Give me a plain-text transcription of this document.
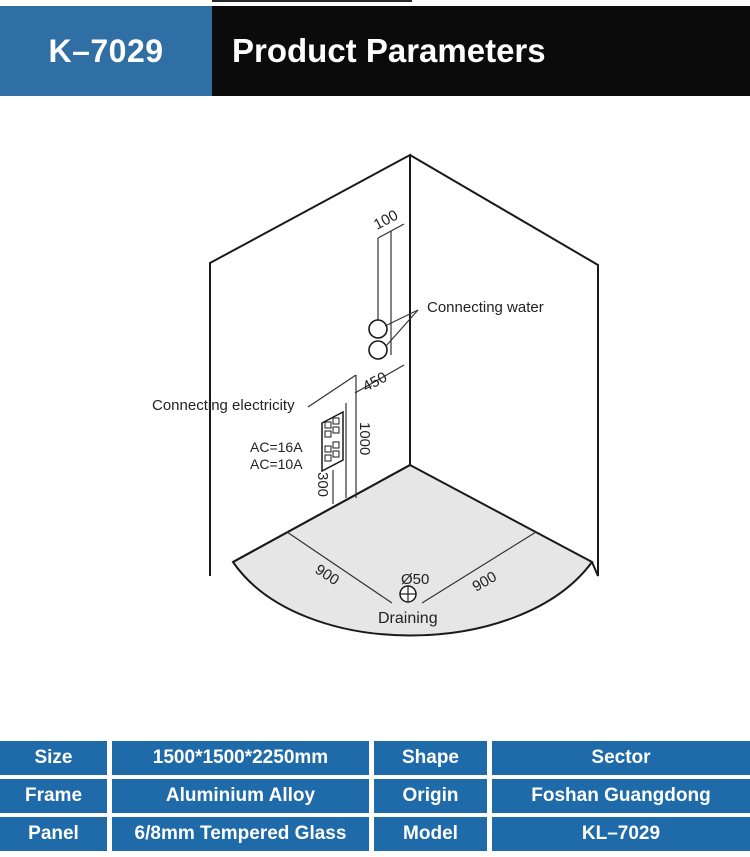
K–7029 Product Parameters
100
Connecting water
450
Connecting electricity
1000
AC=16A
AC=10A
300
900	900
Ø50
Draining
Size	1500*1500*2250mm	Shape	Sector
Frame	Aluminium Alloy	Origin	Foshan Guangdong
Panel	6/8mm Tempered Glass	Model	KL–7029
